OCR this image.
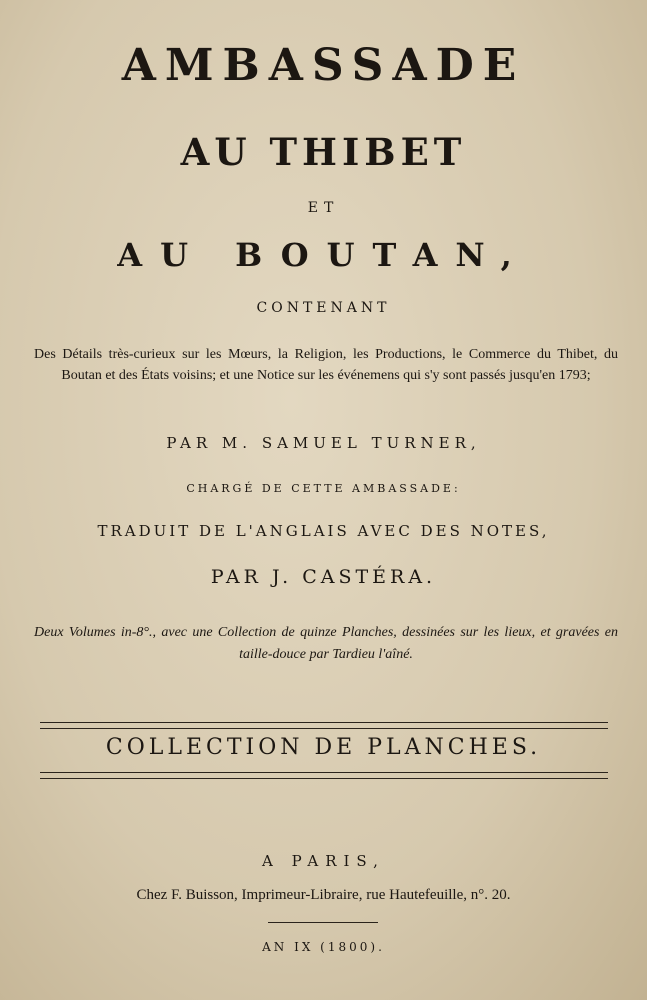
AMBASSADE
AU THIBET
ET
AU BOUTAN,
CONTENANT
Des Détails très-curieux sur les Mœurs, la Religion, les Productions, le Commerce du Thibet, du Boutan et des États voisins; et une Notice sur les événemens qui s'y sont passés jusqu'en 1793;
PAR M. SAMUEL TURNER,
CHARGÉ DE CETTE AMBASSADE:
TRADUIT DE L'ANGLAIS AVEC DES NOTES,
PAR J. CASTÉRA.
Deux Volumes in-8°., avec une Collection de quinze Planches, dessinées sur les lieux, et gravées en taille-douce par Tardieu l'aîné.
COLLECTION DE PLANCHES.
A PARIS,
Chez F. Buisson, Imprimeur-Libraire, rue Hautefeuille, n°. 20.
AN IX (1800).
